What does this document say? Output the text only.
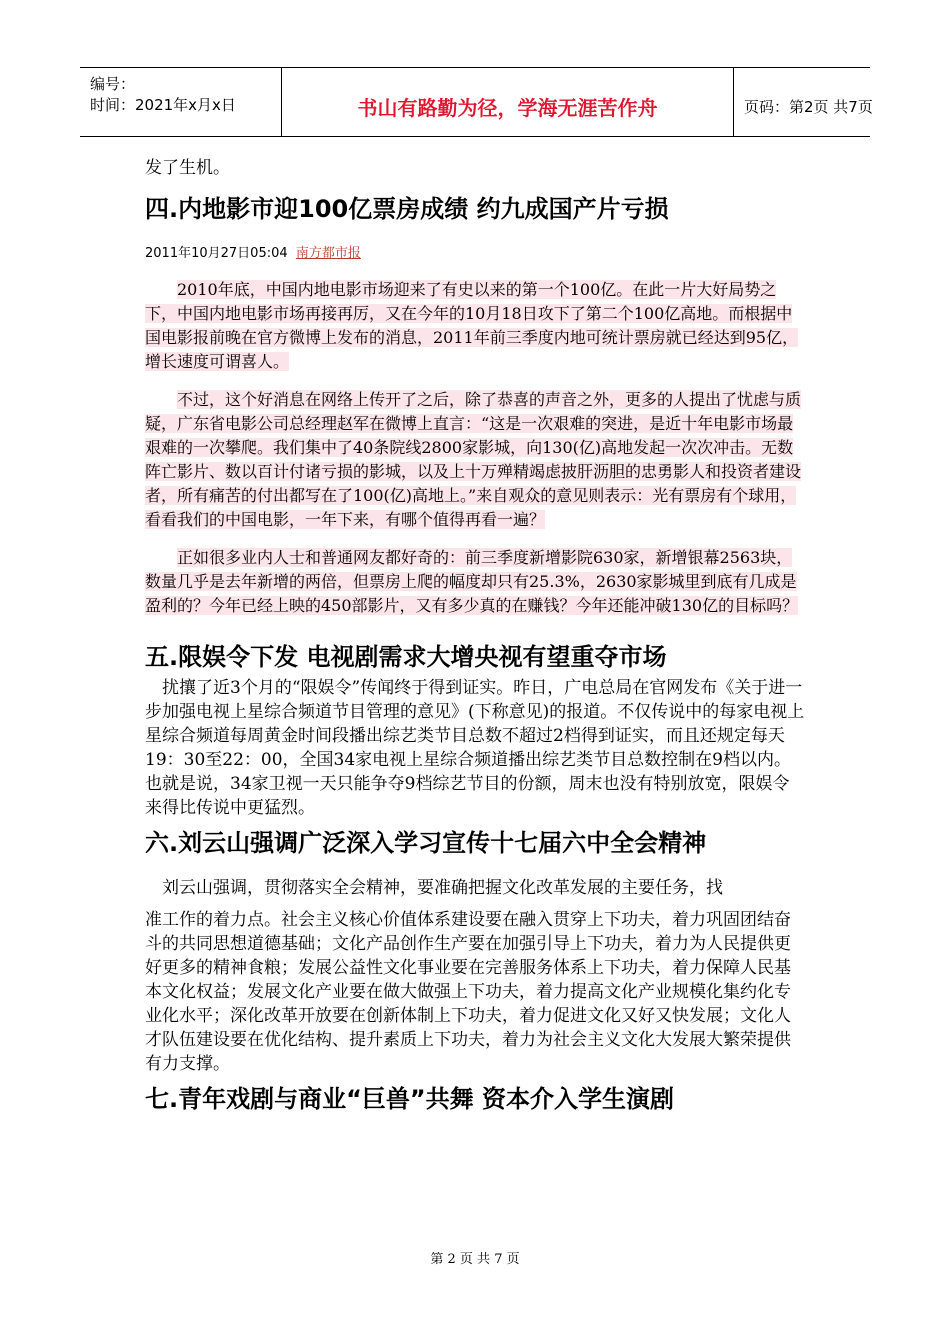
编号：
时间：2021年x月x日	书山有路勤为径，学海无涯苦作舟	页码：第2页 共7页

发了生机。

四.内地影市迎100亿票房成绩 约九成国产片亏损

2011年10月27日05:04 南方都市报

2010年底，中国内地电影市场迎来了有史以来的第一个100亿。在此一片大好局势之下，中国内地电影市场再接再厉，又在今年的10月18日攻下了第二个100亿高地。而根据中国电影报前晚在官方微博上发布的消息，2011年前三季度内地可统计票房就已经达到95亿，增长速度可谓喜人。

不过，这个好消息在网络上传开了之后，除了恭喜的声音之外，更多的人提出了忧虑与质疑，广东省电影公司总经理赵军在微博上直言：“这是一次艰难的突进，是近十年电影市场最艰难的一次攀爬。我们集中了40条院线2800家影城，向130(亿)高地发起一次次冲击。无数阵亡影片、数以百计付诸亏损的影城，以及上十万殚精竭虑披肝沥胆的忠勇影人和投资者建设者，所有痛苦的付出都写在了100(亿)高地上。”来自观众的意见则表示：光有票房有个球用，看看我们的中国电影，一年下来，有哪个值得再看一遍？

正如很多业内人士和普通网友都好奇的：前三季度新增影院630家，新增银幕2563块，数量几乎是去年新增的两倍，但票房上爬的幅度却只有25.3%，2630家影城里到底有几成是盈利的？今年已经上映的450部影片，又有多少真的在赚钱？今年还能冲破130亿的目标吗？

五.限娱令下发 电视剧需求大增央视有望重夺市场

扰攘了近3个月的“限娱令”传闻终于得到证实。昨日，广电总局在官网发布《关于进一步加强电视上星综合频道节目管理的意见》(下称意见)的报道。不仅传说中的每家电视上星综合频道每周黄金时间段播出综艺类节目总数不超过2档得到证实，而且还规定每天19：30至22：00，全国34家电视上星综合频道播出综艺类节目总数控制在9档以内。也就是说，34家卫视一天只能争夺9档综艺节目的份额，周末也没有特别放宽，限娱令来得比传说中更猛烈。

六.刘云山强调广泛深入学习宣传十七届六中全会精神

刘云山强调，贯彻落实全会精神，要准确把握文化改革发展的主要任务，找

准工作的着力点。社会主义核心价值体系建设要在融入贯穿上下功夫，着力巩固团结奋斗的共同思想道德基础；文化产品创作生产要在加强引导上下功夫，着力为人民提供更好更多的精神食粮；发展公益性文化事业要在完善服务体系上下功夫，着力保障人民基本文化权益；发展文化产业要在做大做强上下功夫，着力提高文化产业规模化集约化专业化水平；深化改革开放要在创新体制上下功夫，着力促进文化又好又快发展；文化人才队伍建设要在优化结构、提升素质上下功夫，着力为社会主义文化大发展大繁荣提供有力支撑。

七.青年戏剧与商业“巨兽”共舞 资本介入学生演剧

第 2 页 共 7 页
